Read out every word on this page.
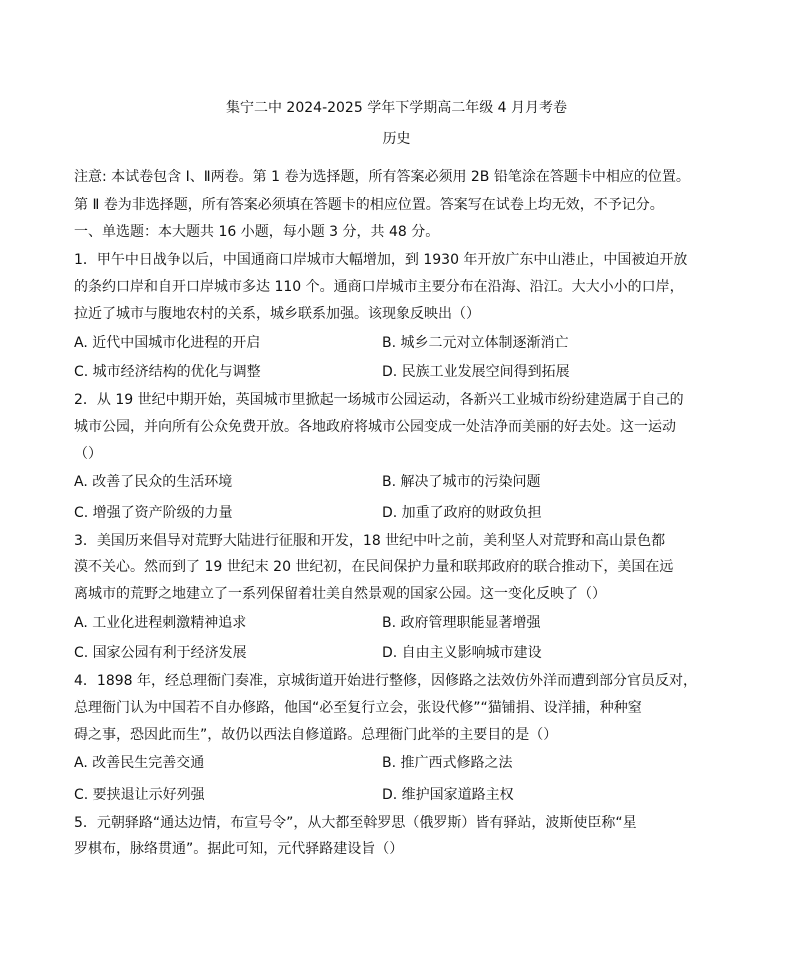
集宁二中 2024-2025 学年下学期高二年级 4 月月考卷
历史
注意: 本试卷包含 Ⅰ、Ⅱ两卷。第 1 卷为选择题，所有答案必须用 2B 铅笔涂在答题卡中相应的位置。
第 Ⅱ 卷为非选择题，所有答案必须填在答题卡的相应位置。答案写在试卷上均无效，不予记分。
一、单选题：本大题共 16 小题，每小题 3 分，共 48 分。
1．甲午中日战争以后，中国通商口岸城市大幅增加，到 1930 年开放广东中山港止，中国被迫开放
的条约口岸和自开口岸城市多达 110 个。通商口岸城市主要分布在沿海、沿江。大大小小的口岸，
拉近了城市与腹地农村的关系，城乡联系加强。该现象反映出（）
A. 近代中国城市化进程的开启	B. 城乡二元对立体制逐渐消亡
C. 城市经济结构的优化与调整	D. 民族工业发展空间得到拓展
2．从 19 世纪中期开始，英国城市里掀起一场城市公园运动，各新兴工业城市纷纷建造属于自己的
城市公园，并向所有公众免费开放。各地政府将城市公园变成一处洁净而美丽的好去处。这一运动
（）
A. 改善了民众的生活环境	B. 解决了城市的污染问题
C. 增强了资产阶级的力量	D. 加重了政府的财政负担
3．美国历来倡导对荒野大陆进行征服和开发，18 世纪中叶之前，美利坚人对荒野和高山景色都
漠不关心。然而到了 19 世纪末 20 世纪初，在民间保护力量和联邦政府的联合推动下，美国在远
离城市的荒野之地建立了一系列保留着壮美自然景观的国家公园。这一变化反映了（）
A. 工业化进程刺激精神追求	B. 政府管理职能显著增强
C. 国家公园有利于经济发展	D. 自由主义影响城市建设
4．1898 年，经总理衙门奏准，京城街道开始进行整修，因修路之法效仿外洋而遭到部分官员反对，
总理衙门认为中国若不自办修路，他国“必至复行立会，张设代修”“猫铺捐、设洋捕，种种窒
碍之事，恐因此而生”，故仍以西法自修道路。总理衙门此举的主要目的是（）
A. 改善民生完善交通	B. 推广西式修路之法
C. 要挟退让示好列强	D. 维护国家道路主权
5．元朝驿路“通达边情，布宣号令”，从大都至斡罗思（俄罗斯）皆有驿站，波斯使臣称“星
罗棋布，脉络贯通”。据此可知，元代驿路建设旨（）
